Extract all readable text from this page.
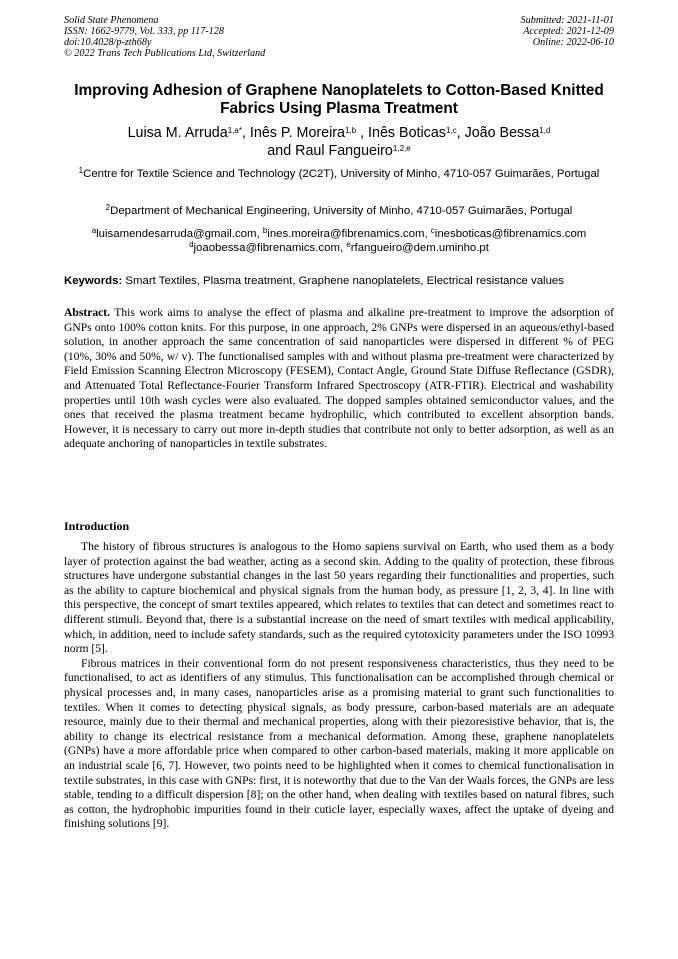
Solid State Phenomena
ISSN: 1662-9779, Vol. 333, pp 117-128
doi:10.4028/p-zth68y
© 2022 Trans Tech Publications Ltd, Switzerland
Submitted: 2021-11-01
Accepted: 2021-12-09
Online: 2022-06-10
Improving Adhesion of Graphene Nanoplatelets to Cotton-Based Knitted Fabrics Using Plasma Treatment
Luisa M. Arruda$^{1,a*}$, Inês P. Moreira$^{1,b}$ , Inês Boticas$^{1,c}$, João Bessa$^{1,d}$
and Raul Fangueiro$^{1,2,e}$
$^1$Centre for Textile Science and Technology (2C2T), University of Minho, 4710-057 Guimarães, Portugal
$^2$Department of Mechanical Engineering, University of Minho, 4710-057 Guimarães, Portugal
$^a$luisamendesarruda@gmail.com, $^b$ines.moreira@fibrenamics.com, $^c$inesboticas@fibrenamics.com
$^d$joaobessa@fibrenamics.com, $^e$rfangueiro@dem.uminho.pt
Keywords: Smart Textiles, Plasma treatment, Graphene nanoplatelets, Electrical resistance values
Abstract. This work aims to analyse the effect of plasma and alkaline pre-treatment to improve the adsorption of GNPs onto 100% cotton knits. For this purpose, in one approach, 2% GNPs were dispersed in an aqueous/ethyl-based solution, in another approach the same concentration of said nanoparticles were dispersed in different % of PEG (10%, 30% and 50%, w/ v). The functionalised samples with and without plasma pre-treatment were characterized by Field Emission Scanning Electron Microscopy (FESEM), Contact Angle, Ground State Diffuse Reflectance (GSDR), and Attenuated Total Reflectance-Fourier Transform Infrared Spectroscopy (ATR-FTIR). Electrical and washability properties until 10th wash cycles were also evaluated. The dopped samples obtained semiconductor values, and the ones that received the plasma treatment became hydrophilic, which contributed to excellent absorption bands. However, it is necessary to carry out more in-depth studies that contribute not only to better adsorption, as well as an adequate anchoring of nanoparticles in textile substrates.
Introduction

The history of fibrous structures is analogous to the Homo sapiens survival on Earth, who used them as a body layer of protection against the bad weather, acting as a second skin. Adding to the quality of protection, these fibrous structures have undergone substantial changes in the last 50 years regarding their functionalities and properties, such as the ability to capture biochemical and physical signals from the human body, as pressure [1, 2, 3, 4]. In line with this perspective, the concept of smart textiles appeared, which relates to textiles that can detect and sometimes react to different stimuli. Beyond that, there is a substantial increase on the need of smart textiles with medical applicability, which, in addition, need to include safety standards, such as the required cytotoxicity parameters under the ISO 10993 norm [5].

Fibrous matrices in their conventional form do not present responsiveness characteristics, thus they need to be functionalised, to act as identifiers of any stimulus. This functionalisation can be accomplished through chemical or physical processes and, in many cases, nanoparticles arise as a promising material to grant such functionalities to textiles. When it comes to detecting physical signals, as body pressure, carbon-based materials are an adequate resource, mainly due to their thermal and mechanical properties, along with their piezoresistive behavior, that is, the ability to change its electrical resistance from a mechanical deformation. Among these, graphene nanoplatelets (GNPs) have a more affordable price when compared to other carbon-based materials, making it more applicable on an industrial scale [6, 7]. However, two points need to be highlighted when it comes to chemical functionalisation in textile substrates, in this case with GNPs: first, it is noteworthy that due to the Van der Waals forces, the GNPs are less stable, tending to a difficult dispersion [8]; on the other hand, when dealing with textiles based on natural fibres, such as cotton, the hydrophobic impurities found in their cuticle layer, especially waxes, affect the uptake of dyeing and finishing solutions [9].
